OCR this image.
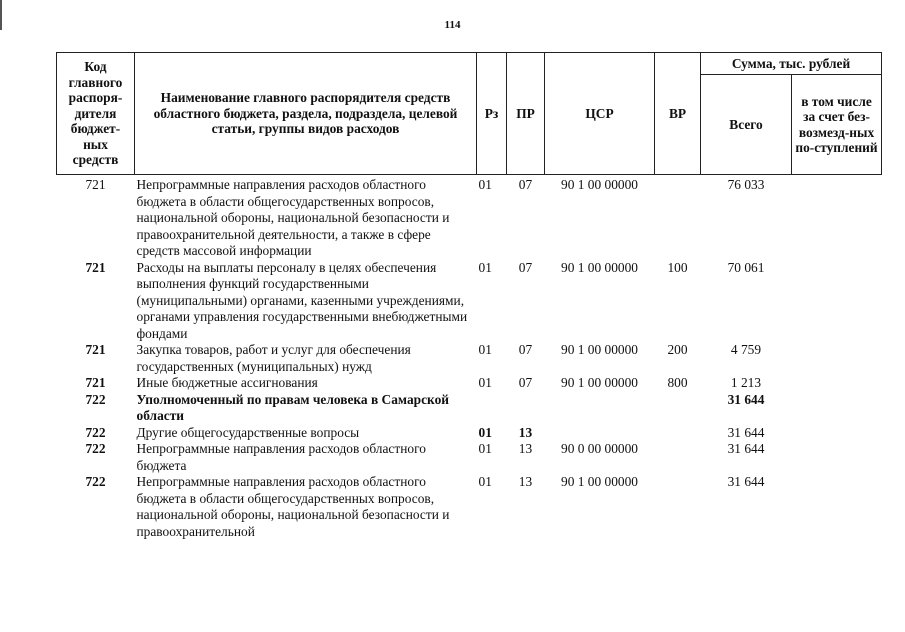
114
Код главного распоря-дителя бюджет-ных средств	Наименование главного распорядителя средств областного бюджета, раздела, подраздела, целевой статьи, группы видов расходов	Рз	ПР	ЦСР	ВР	Сумма, тыс. рублей	
						Всего	в том числе за счет без-возмезд-ных по-ступлений
721	Непрограммные направления расходов областного бюджета в области общегосударственных вопросов, национальной обороны, национальной безопасности и правоохранительной деятельности, а также в сфере средств массовой информации	01	07	90 1 00 00000		76 033	
721	Расходы на выплаты персоналу в целях обеспечения выполнения функций государственными (муниципальными) органами, казенными учреждениями, органами управления государственными внебюджетными фондами	01	07	90 1 00 00000	100	70 061	
721	Закупка товаров, работ и услуг для обеспечения государственных (муниципальных) нужд	01	07	90 1 00 00000	200	4 759	
721	Иные бюджетные ассигнования	01	07	90 1 00 00000	800	1 213	
722	Уполномоченный по правам человека в Самарской области					31 644	
722	Другие общегосударственные вопросы	01	13			31 644	
722	Непрограммные направления расходов областного бюджета	01	13	90 0 00 00000		31 644	
722	Непрограммные направления расходов областного бюджета в области общегосударственных вопросов, национальной обороны, национальной безопасности и правоохранительной	01	13	90 1 00 00000		31 644	
